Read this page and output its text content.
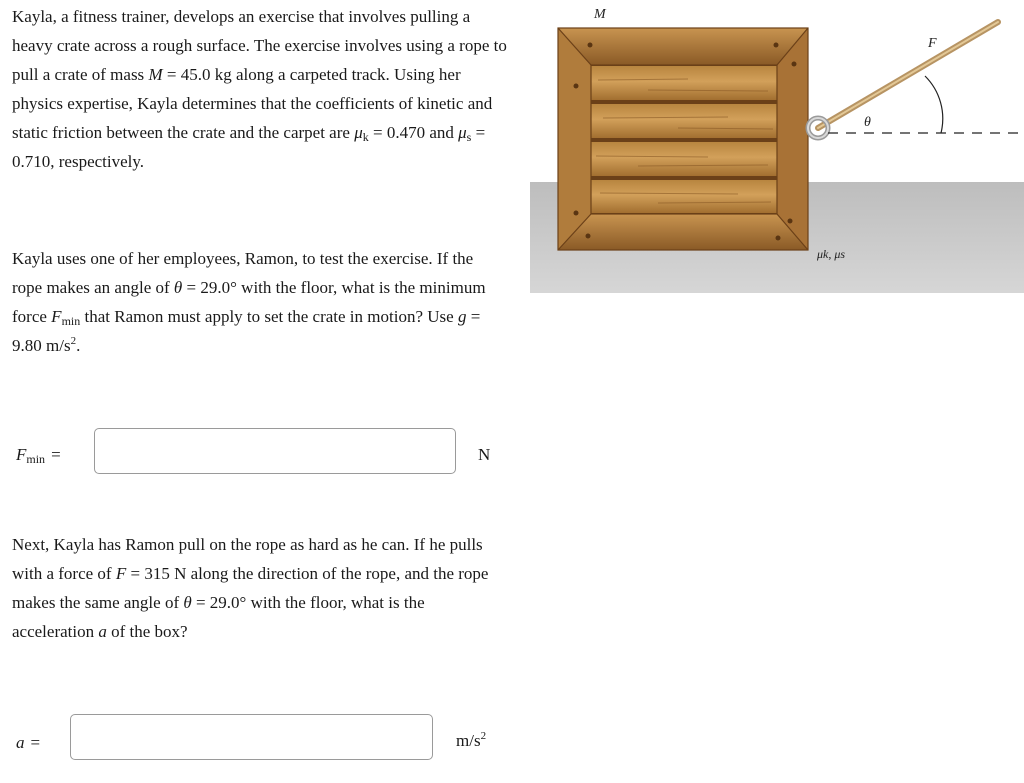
Kayla, a fitness trainer, develops an exercise that involves pulling a heavy crate across a rough surface. The exercise involves using a rope to pull a crate of mass M = 45.0 kg along a carpeted track. Using her physics expertise, Kayla determines that the coefficients of kinetic and static friction between the crate and the carpet are $\mu_k = 0.470$ and $\mu_s = 0.710$, respectively.

Kayla uses one of her employees, Ramon, to test the exercise. If the rope makes an angle of θ = 29.0° with the floor, what is the minimum force $F_{min}$ that Ramon must apply to set the crate in motion? Use g = 9.80 $m/s^2$.

$F_{min}$ =	N

Next, Kayla has Ramon pull on the rope as hard as he can. If he pulls with a force of F = 315 N along the direction of the rope, and the rope makes the same angle of θ = 29.0° with the floor, what is the acceleration a of the box?

a =	$m/s^2$
M
F
θ
μk, μs
